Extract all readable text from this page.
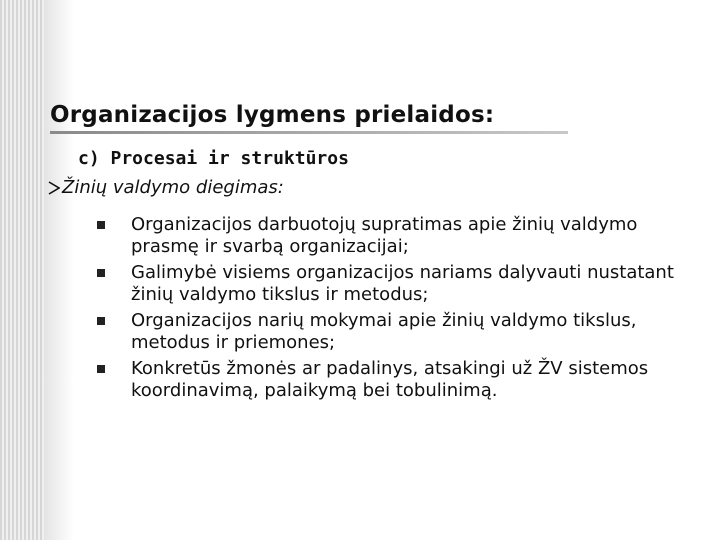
Organizacijos lygmens prielaidos:
c) Procesai ir struktūros
Žinių valdymo diegimas:
Organizacijos darbuotojų supratimas apie žinių valdymo prasmę ir svarbą organizacijai;
Galimybė visiems organizacijos nariams dalyvauti nustatant žinių valdymo tikslus ir metodus;
Organizacijos narių mokymai apie žinių valdymo tikslus, metodus ir priemones;
Konkretūs žmonės ar padalinys, atsakingi už ŽV sistemos koordinavimą, palaikymą bei tobulinimą.
